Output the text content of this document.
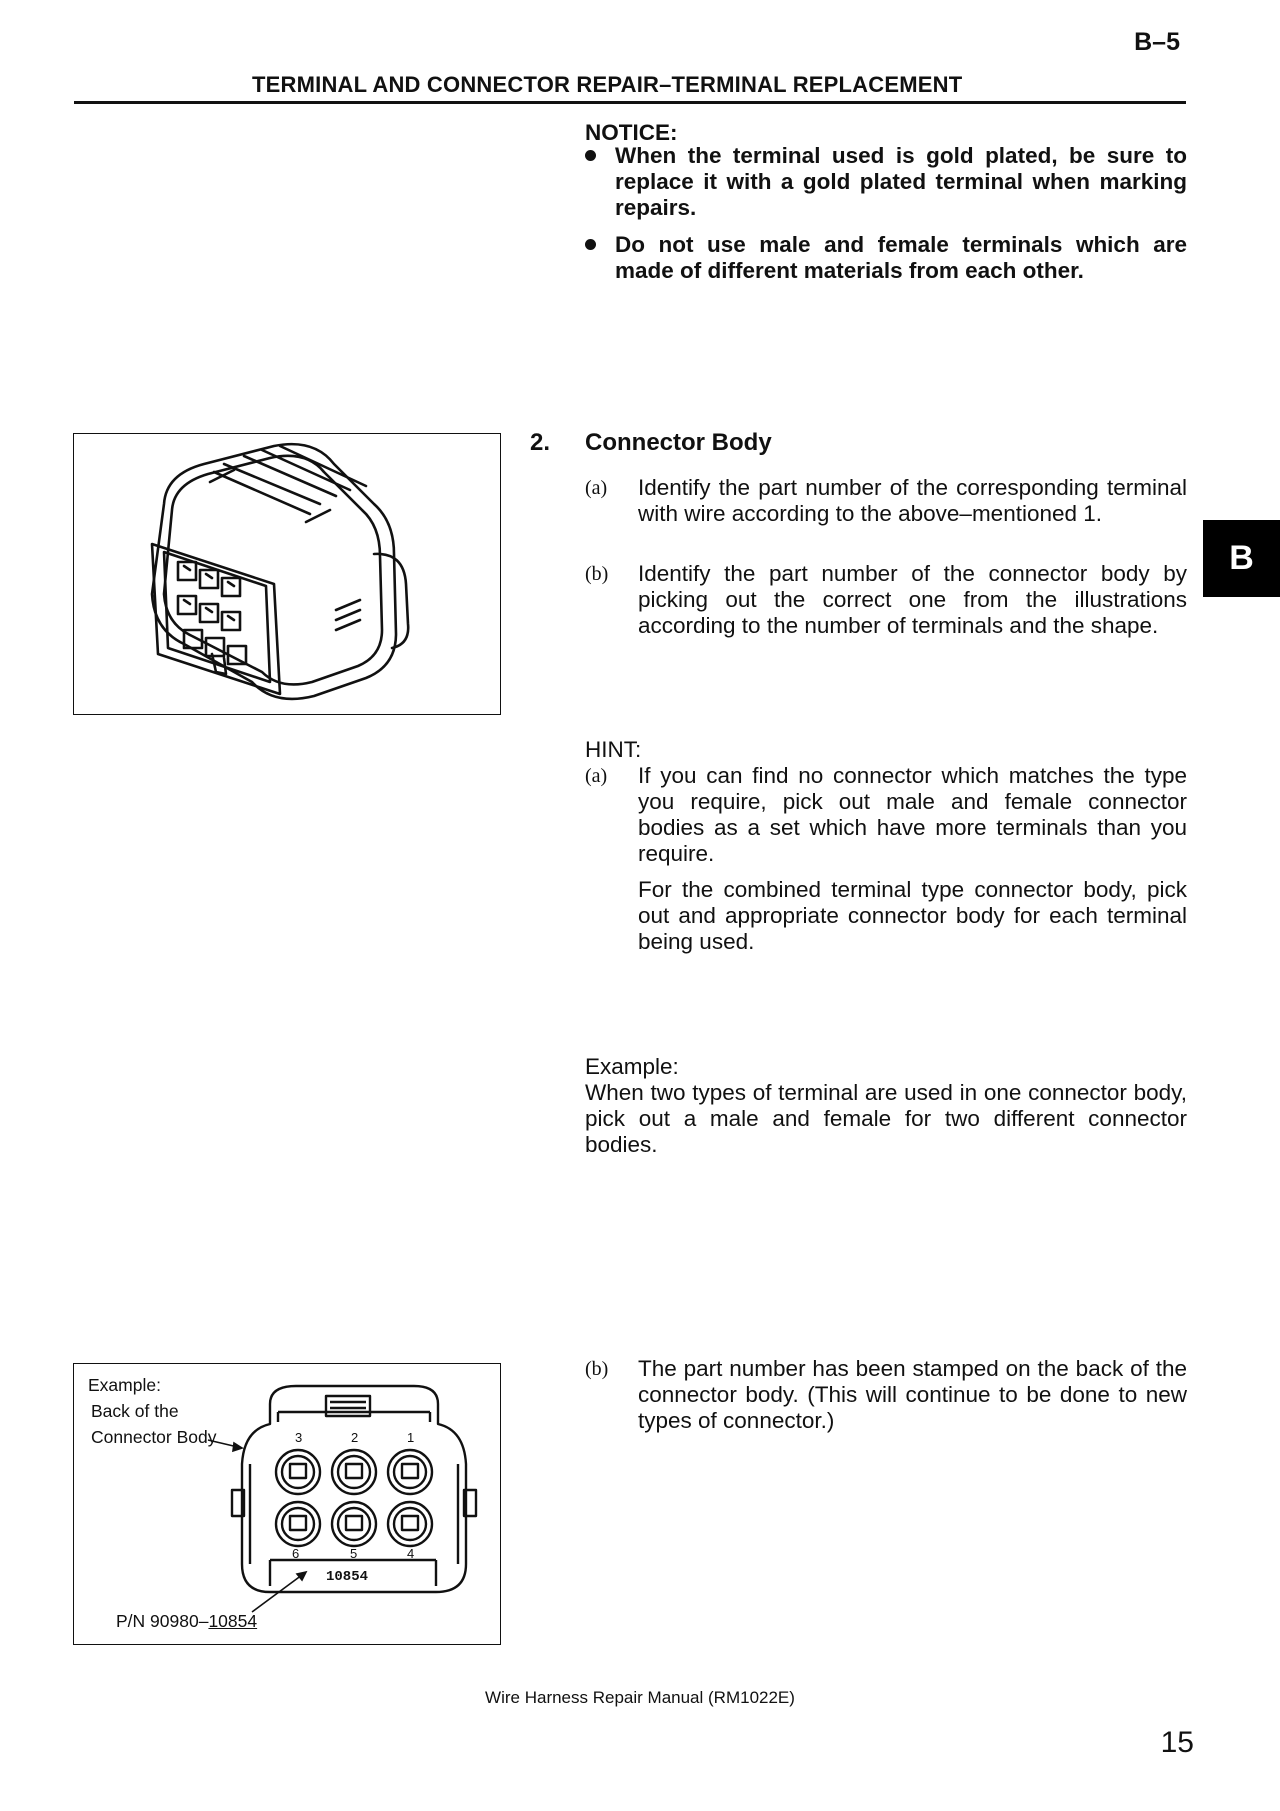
B–5
TERMINAL AND CONNECTOR REPAIR–TERMINAL REPLACEMENT
NOTICE:
When the terminal used is gold plated, be sure to replace it with a gold plated terminal when marking repairs.
Do not use male and female terminals which are made of different materials from each other.
2. Connector Body
(a) Identify the part number of the corresponding terminal with wire according to the above–mentioned 1.
(b) Identify the part number of the connector body by picking out the correct one from the illustrations according to the number of terminals and the shape.
B
HINT:
(a) If you can find no connector which matches the type you require, pick out male and female connector bodies as a set which have more terminals than you require.
For the combined terminal type connector body, pick out and appropriate connector body for each terminal being used.
Example:
When two types of terminal are used in one connector body, pick out a male and female for two different connector bodies.
(b) The part number has been stamped on the back of the connector body. (This will continue to be done to new types of connector.)
Example:
Back of the
Connector Body
P/N 90980–10854
3	2	1
6	5	4
10854
Wire Harness Repair Manual (RM1022E)
15
